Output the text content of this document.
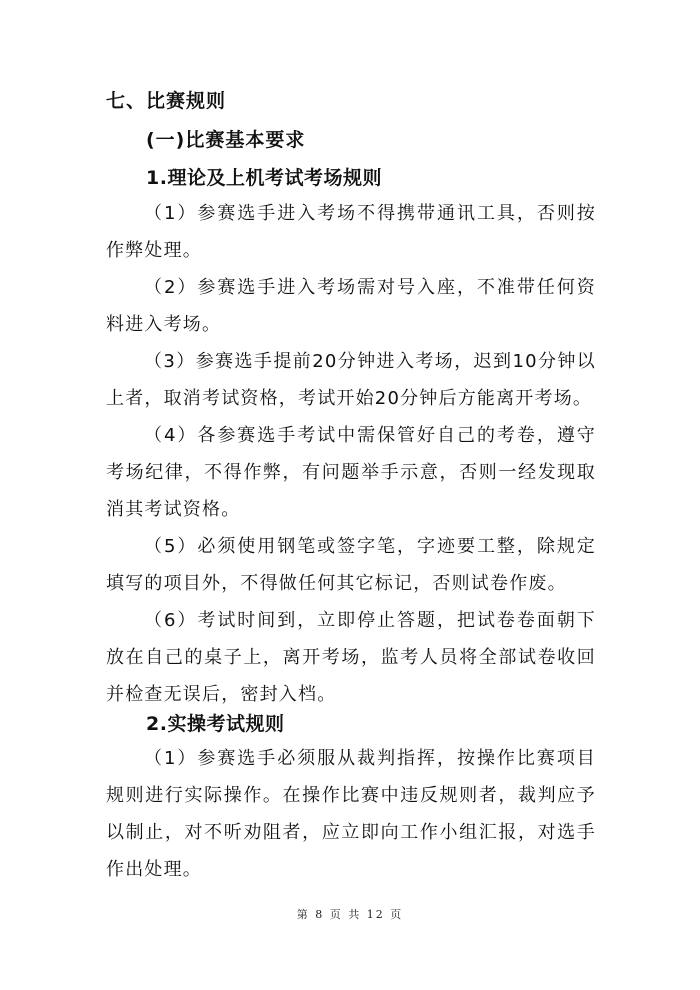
七、比赛规则
(一)比赛基本要求
1.理论及上机考试考场规则

（1）参赛选手进入考场不得携带通讯工具，否则按作弊处理。

（2）参赛选手进入考场需对号入座，不准带任何资料进入考场。

（3）参赛选手提前20分钟进入考场，迟到10分钟以上者，取消考试资格，考试开始20分钟后方能离开考场。

（4）各参赛选手考试中需保管好自己的考卷，遵守考场纪律，不得作弊，有问题举手示意，否则一经发现取消其考试资格。

（5）必须使用钢笔或签字笔，字迹要工整，除规定填写的项目外，不得做任何其它标记，否则试卷作废。

（6）考试时间到，立即停止答题，把试卷卷面朝下放在自己的桌子上，离开考场，监考人员将全部试卷收回并检查无误后，密封入档。

2.实操考试规则

（1）参赛选手必须服从裁判指挥，按操作比赛项目规则进行实际操作。在操作比赛中违反规则者，裁判应予以制止，对不听劝阻者，应立即向工作小组汇报，对选手作出处理。

第 8 页 共 12 页
